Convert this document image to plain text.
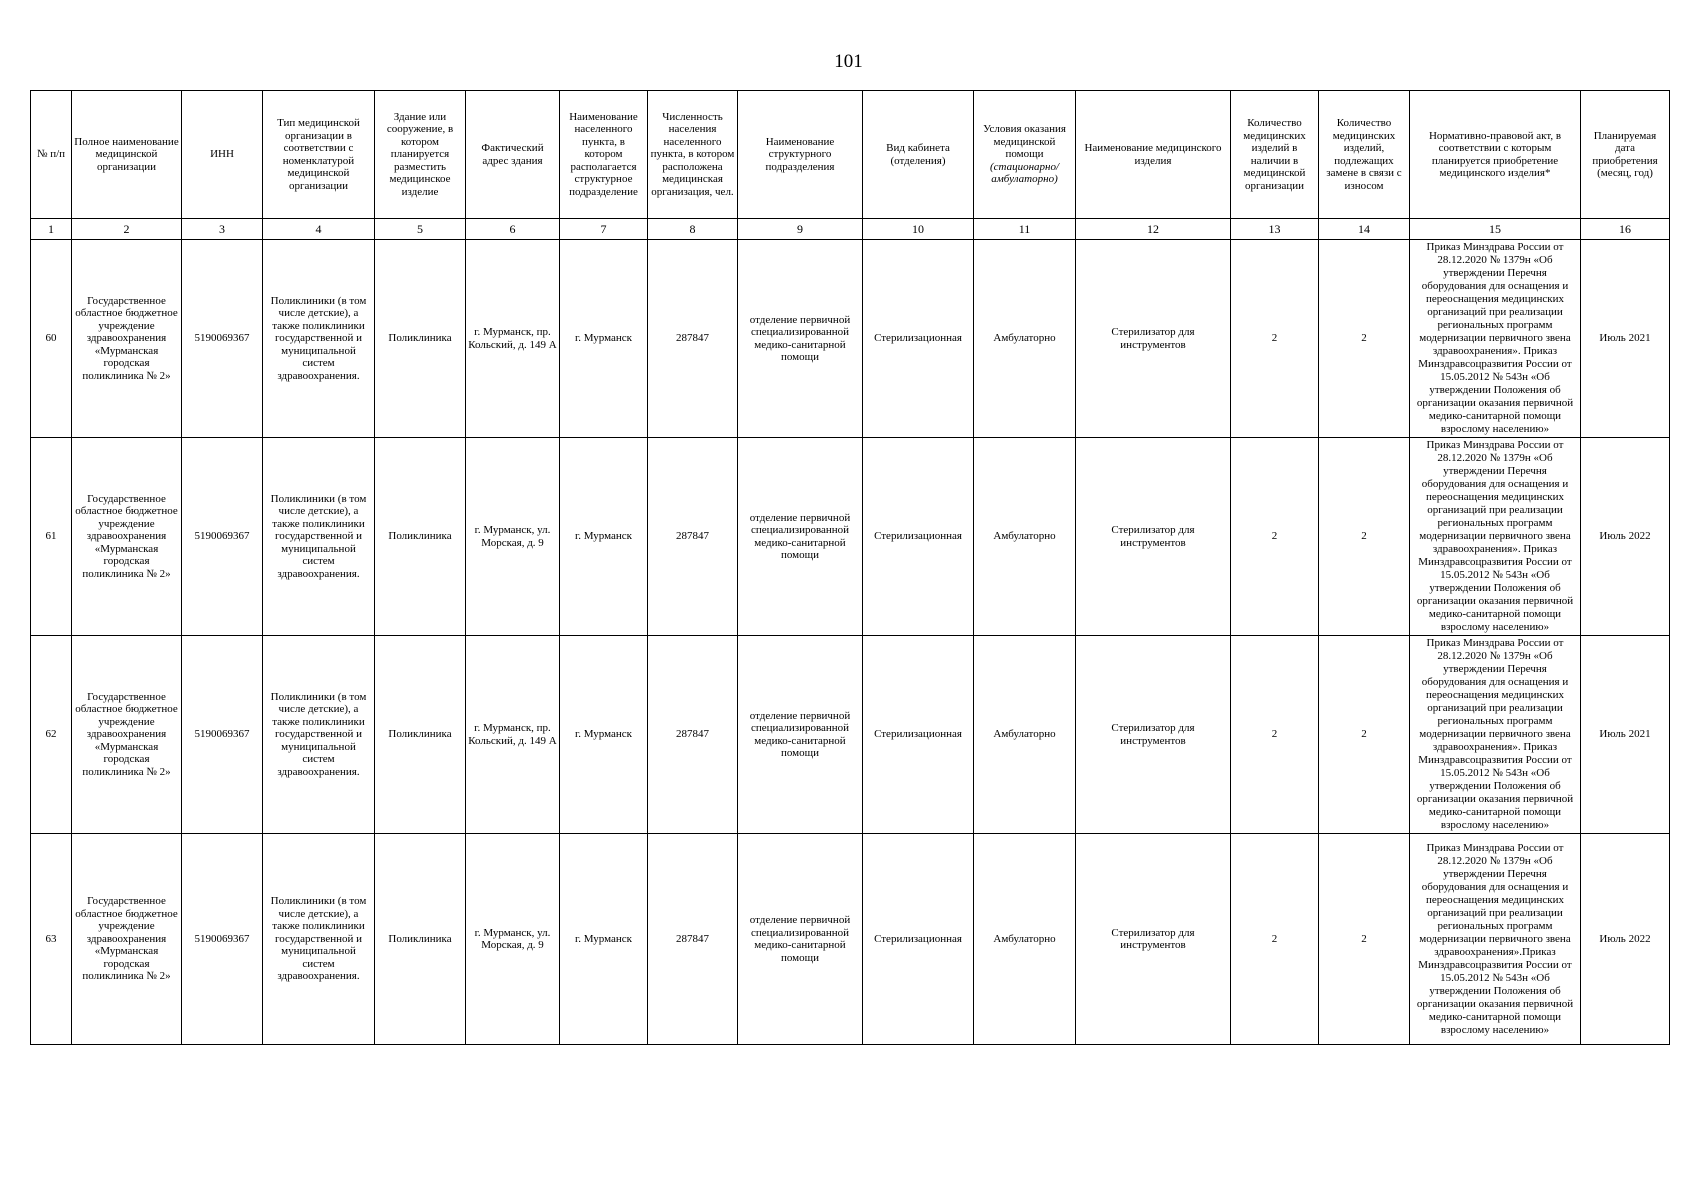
101
№ п/п	Полное наименование медицинской организации	ИНН	Тип медицинской организации в соответствии с номенклатурой медицинской организации	Здание или сооружение, в котором планируется разместить медицинское изделие	Фактический адрес здания	Наименование населенного пункта, в котором располагается структурное подразделение	Численность населения населенного пункта, в котором расположена медицинская организация, чел.	Наименование структурного подразделения	Вид кабинета (отделения)	Условия оказания медицинской помощи
(стационарно/ амбулаторно)	Наименование медицинского изделия	Количество медицинских изделий в наличии в медицинской организации	Количество медицинских изделий, подлежащих замене в связи с износом	Нормативно-правовой акт, в соответствии с которым планируется приобретение медицинского изделия*	Планируемая дата приобретения (месяц, год)
1	2	3	4	5	6	7	8	9	10	11	12	13	14	15	16
60	Государственное областное бюджетное учреждение здравоохранения «Мурманская городская поликлиника № 2»	5190069367	Поликлиники (в том числе детские), а также поликлиники государственной и муниципальной систем здравоохранения.	Поликлиника	г. Мурманск, пр. Кольский, д. 149 А	г. Мурманск	287847	отделение первичной специализированной медико-санитарной помощи	Стерилизационная	Амбулаторно	Стерилизатор для инструментов	2	2	Приказ Минздрава России от 28.12.2020 № 1379н «Об утверждении Перечня оборудования для оснащения и переоснащения медицинских организаций при реализации региональных программ модернизации первичного звена здравоохранения». Приказ Минздравсоцразвития России от 15.05.2012 № 543н «Об утверждении Положения об организации оказания первичной медико-санитарной помощи взрослому населению»	Июль 2021
61	Государственное областное бюджетное учреждение здравоохранения «Мурманская городская поликлиника № 2»	5190069367	Поликлиники (в том числе детские), а также поликлиники государственной и муниципальной систем здравоохранения.	Поликлиника	г. Мурманск, ул. Морская, д. 9	г. Мурманск	287847	отделение первичной специализированной медико-санитарной помощи	Стерилизационная	Амбулаторно	Стерилизатор для инструментов	2	2	Приказ Минздрава России от 28.12.2020 № 1379н «Об утверждении Перечня оборудования для оснащения и переоснащения медицинских организаций при реализации региональных программ модернизации первичного звена здравоохранения». Приказ Минздравсоцразвития России от 15.05.2012 № 543н «Об утверждении Положения об организации оказания первичной медико-санитарной помощи взрослому населению»	Июль 2022
62	Государственное областное бюджетное учреждение здравоохранения «Мурманская городская поликлиника № 2»	5190069367	Поликлиники (в том числе детские), а также поликлиники государственной и муниципальной систем здравоохранения.	Поликлиника	г. Мурманск, пр. Кольский, д. 149 А	г. Мурманск	287847	отделение первичной специализированной медико-санитарной помощи	Стерилизационная	Амбулаторно	Стерилизатор для инструментов	2	2	Приказ Минздрава России от 28.12.2020 № 1379н «Об утверждении Перечня оборудования для оснащения и переоснащения медицинских организаций при реализации региональных программ модернизации первичного звена здравоохранения». Приказ Минздравсоцразвития России от 15.05.2012 № 543н «Об утверждении Положения об организации оказания первичной медико-санитарной помощи взрослому населению»	Июль 2021
63	Государственное областное бюджетное учреждение здравоохранения «Мурманская городская поликлиника № 2»	5190069367	Поликлиники (в том числе детские), а также поликлиники государственной и муниципальной систем здравоохранения.	Поликлиника	г. Мурманск, ул. Морская, д. 9	г. Мурманск	287847	отделение первичной специализированной медико-санитарной помощи	Стерилизационная	Амбулаторно	Стерилизатор для инструментов	2	2	Приказ Минздрава России от 28.12.2020 № 1379н «Об утверждении Перечня оборудования для оснащения и переоснащения медицинских организаций при реализации региональных программ модернизации первичного звена здравоохранения».Приказ Минздравсоцразвития России от 15.05.2012 № 543н «Об утверждении Положения об организации оказания первичной медико-санитарной помощи взрослому населению»	Июль 2022
